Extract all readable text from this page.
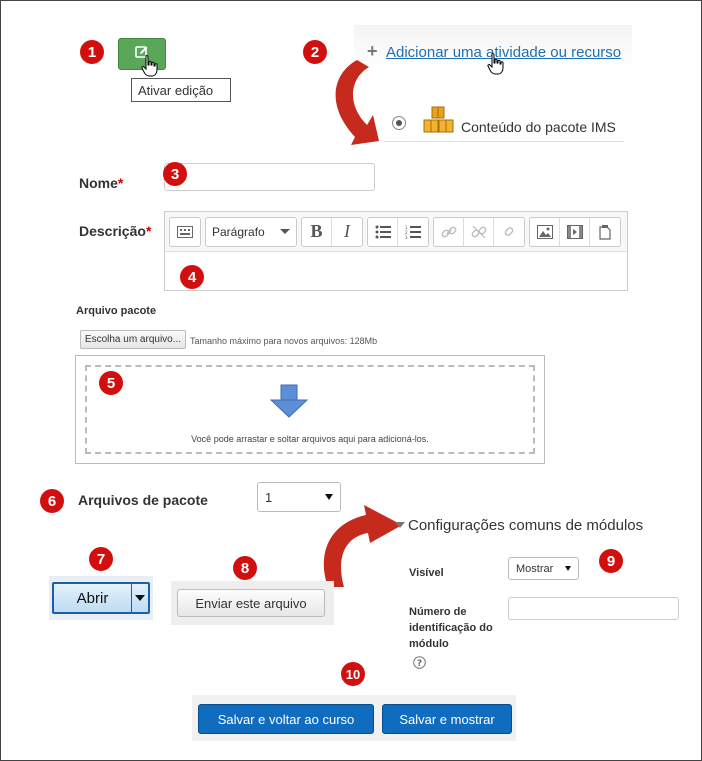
1
Ativar edição
2	+ Adicionar uma atividade ou recurso
Conteúdo do pacote IMS
Nome*
3
Descrição*	Parágrafo	B	I	1
2
3
4
Arquivo pacote
Escolha um arquivo... Tamanho máximo para novos arquivos: 128Mb
5
Você pode arrastar e soltar arquivos aqui para adicioná-los.
6	Arquivos de pacote	1
Configurações comuns de módulos
Visível	Mostrar	9
Número de
identificação do
módulo
?
7
Abrir
8
Enviar este arquivo
10
Salvar e voltar ao curso	Salvar e mostrar
